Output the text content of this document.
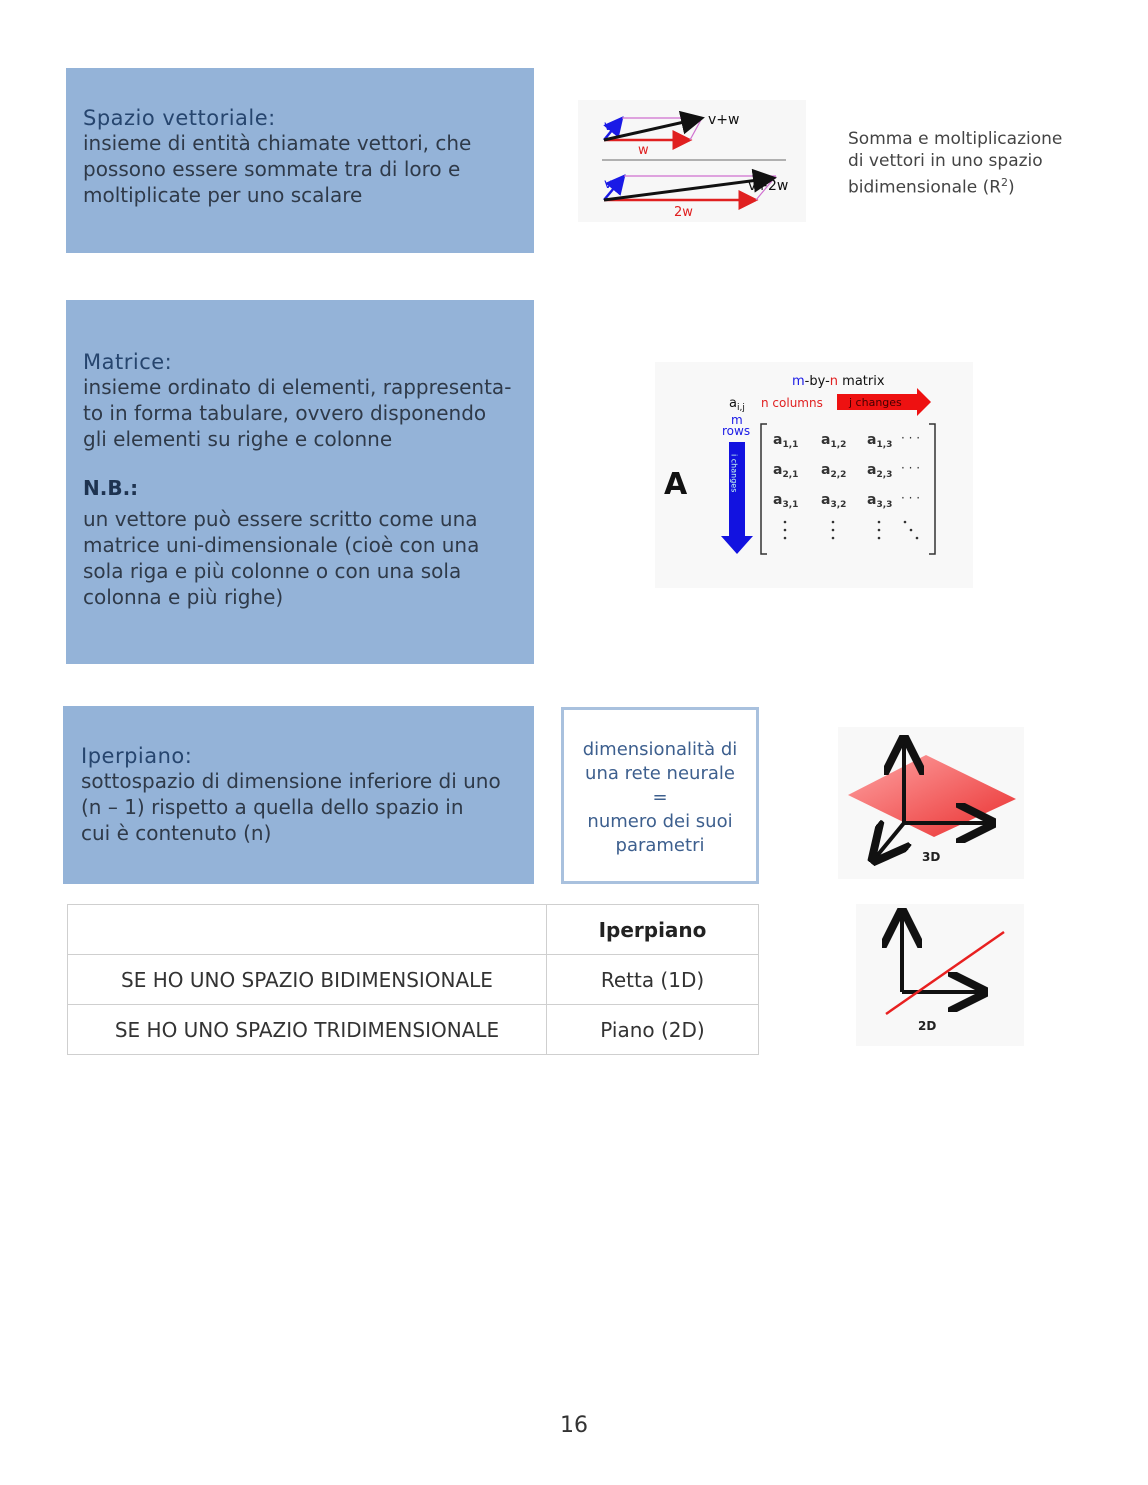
Spazio vettoriale:

insieme di entità chiamate vettori, che

possono essere sommate tra di loro e

moltiplicate per uno scalare

v	v+w
w
v	v+2w
2w
Somma e moltiplicazione
di vettori in uno spazio
bidimensionale $(R^2)$

Matrice:

insieme ordinato di elementi, rappresenta-

to in forma tabulare, ovvero disponendo

gli elementi su righe e colonne

N.B.:

un vettore può essere scritto come una

matrice uni-dimensionale (cioè con una

sola riga e più colonne o con una sola

colonna e più righe)

m-by-n matrix
$a_{i,j}$ n columns j changes
m
rows
i changes
A
$a_{1,1}$ $a_{1,2}$ $a_{1,3}$
$a_{2,1}$ $a_{2,2}$ $a_{2,3}$
$a_{3,1}$ $a_{3,2}$ $a_{3,3}$
· · ·
· · ·
· · ·

Iperpiano:

sottospazio di dimensione inferiore di uno

(n – 1) rispetto a quella dello spazio in

cui è contenuto (n)

dimensionalità di
una rete neurale
=
numero dei suoi
parametri
3D
	Iperpiano
SE HO UNO SPAZIO BIDIMENSIONALE	Retta (1D)
SE HO UNO SPAZIO TRIDIMENSIONALE	Piano (2D)	2D
16
